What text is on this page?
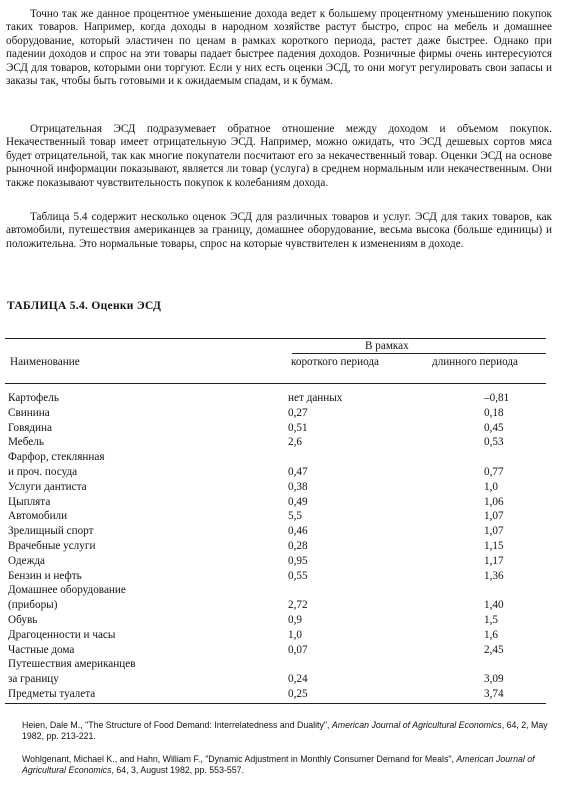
Точно так же данное процентное уменьшение дохода ведет к большему процентному уменьшению покупок таких товаров. Например, когда доходы в народном хозяйстве растут быстро, спрос на мебель и домашнее оборудование, который эластичен по ценам в рамках короткого периода, растет даже быстрее. Однако при падении доходов и спрос на эти товары падает быстрее падения доходов. Розничные фирмы очень интересуются ЭСД для товаров, которыми они торгуют. Если у них есть оценки ЭСД, то они могут регулировать свои запасы и заказы так, чтобы быть готовыми и к ожидаемым спадам, и к бумам.

Отрицательная ЭСД подразумевает обратное отношение между доходом и объемом покупок. Некачественный товар имеет отрицательную ЭСД. Например, можно ожидать, что ЭСД дешевых сортов мяса будет отрицательной, так как многие покупатели посчитают его за некачественный товар. Оценки ЭСД на основе рыночной информации показывают, является ли товар (услуга) в среднем нормальным или некачественным. Они также показывают чувствительность покупок к колебаниям дохода.

Таблица 5.4 содержит несколько оценок ЭСД для различных товаров и услуг. ЭСД для таких товаров, как автомобили, путешествия американцев за границу, домашнее оборудование, весьма высока (больше единицы) и положительна. Это нормальные товары, спрос на которые чувствителен к изменениям в доходе.

ТАБЛИЦА 5.4. Оценки ЭСД
В рамках
Наименование	короткого периода	длинного периода
Картофель	нет данных	–0,81
Свинина	0,27	0,18
Говядина	0,51	0,45
Мебель	2,6	0,53
Фарфор, стеклянная
и проч. посуда	0,47	0,77
Услуги дантиста	0,38	1,0
Цыплята	0,49	1,06
Автомобили	5,5	1,07
Зрелищный спорт	0,46	1,07
Врачебные услуги	0,28	1,15
Одежда	0,95	1,17
Бензин и нефть	0,55	1,36
Домашнее оборудование
(приборы)	2,72	1,40
Обувь	0,9	1,5
Драгоценности и часы	1,0	1,6
Частные дома	0,07	2,45
Путешествия американцев
за границу	0,24	3,09
Предметы туалета	0,25	3,74
Heien, Dale M., "The Structure of Food Demand: Interrelatedness and Duality", American Journal of Agricultural Economics, 64, 2, May 1982, pp. 213-221.
Wohlgenant, Michael K., and Hahn, William F., "Dynamic Adjustment in Monthly Consumer Demand for Meals", American Journal of Agricultural Economics, 64, 3, August 1982, pp. 553-557.
